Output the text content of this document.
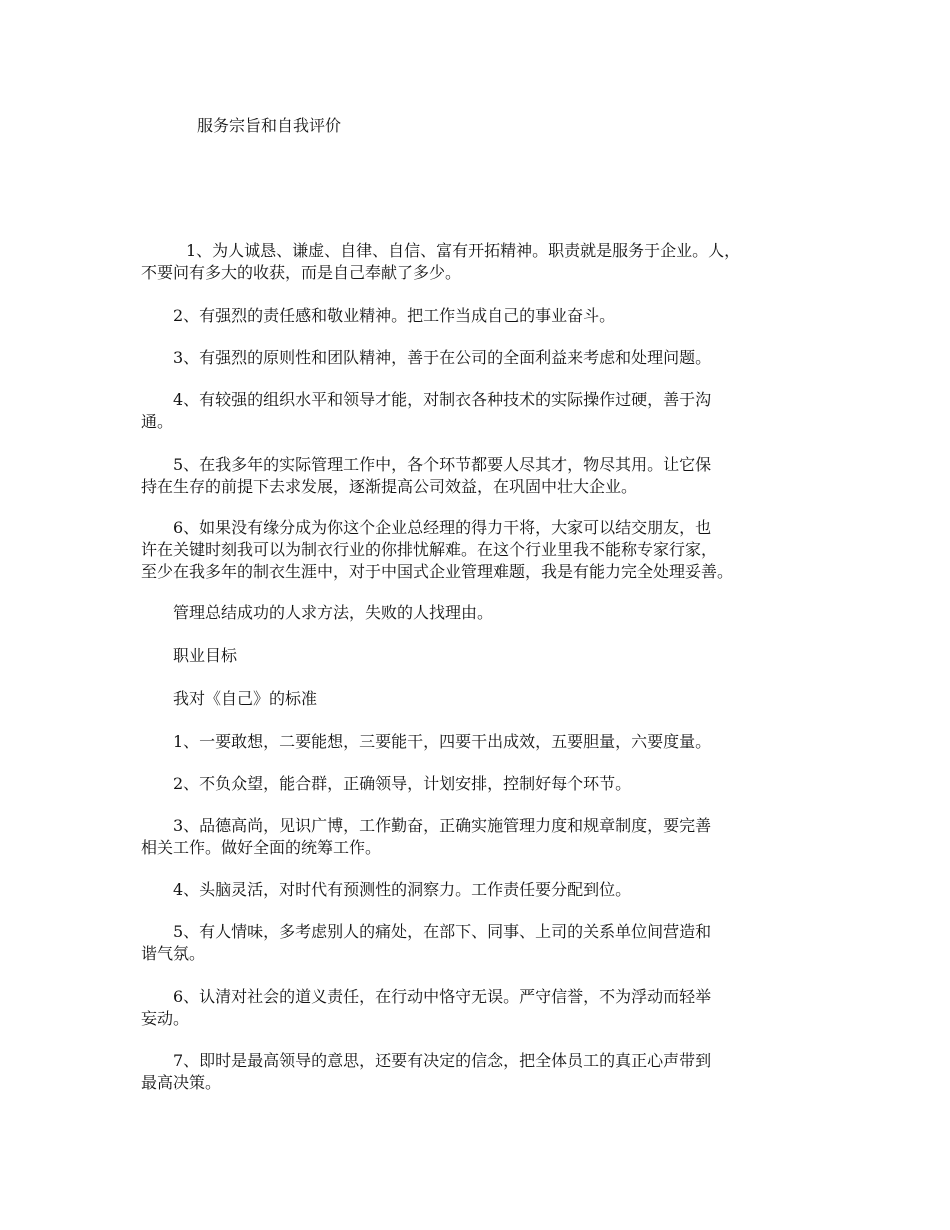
服务宗旨和自我评价

1、为人诚恳、谦虚、自律、自信、富有开拓精神。职责就是服务于企业。人，
不要问有多大的收获，而是自己奉献了多少。

2、有强烈的责任感和敬业精神。把工作当成自己的事业奋斗。

3、有强烈的原则性和团队精神，善于在公司的全面利益来考虑和处理问题。

4、有较强的组织水平和领导才能，对制衣各种技术的实际操作过硬，善于沟
通。

5、在我多年的实际管理工作中，各个环节都要人尽其才，物尽其用。让它保
持在生存的前提下去求发展，逐渐提高公司效益，在巩固中壮大企业。

6、如果没有缘分成为你这个企业总经理的得力干将，大家可以结交朋友，也
许在关键时刻我可以为制衣行业的你排忧解难。在这个行业里我不能称专家行家，
至少在我多年的制衣生涯中，对于中国式企业管理难题，我是有能力完全处理妥善。

管理总结成功的人求方法，失败的人找理由。

职业目标

我对《自己》的标准

1、一要敢想，二要能想，三要能干，四要干出成效，五要胆量，六要度量。

2、不负众望，能合群，正确领导，计划安排，控制好每个环节。

3、品德高尚，见识广博，工作勤奋，正确实施管理力度和规章制度，要完善
相关工作。做好全面的统筹工作。

4、头脑灵活，对时代有预测性的洞察力。工作责任要分配到位。

5、有人情味，多考虑别人的痛处，在部下、同事、上司的关系单位间营造和
谐气氛。

6、认清对社会的道义责任，在行动中恪守无误。严守信誉，不为浮动而轻举
妄动。

7、即时是最高领导的意思，还要有决定的信念，把全体员工的真正心声带到
最高决策。
